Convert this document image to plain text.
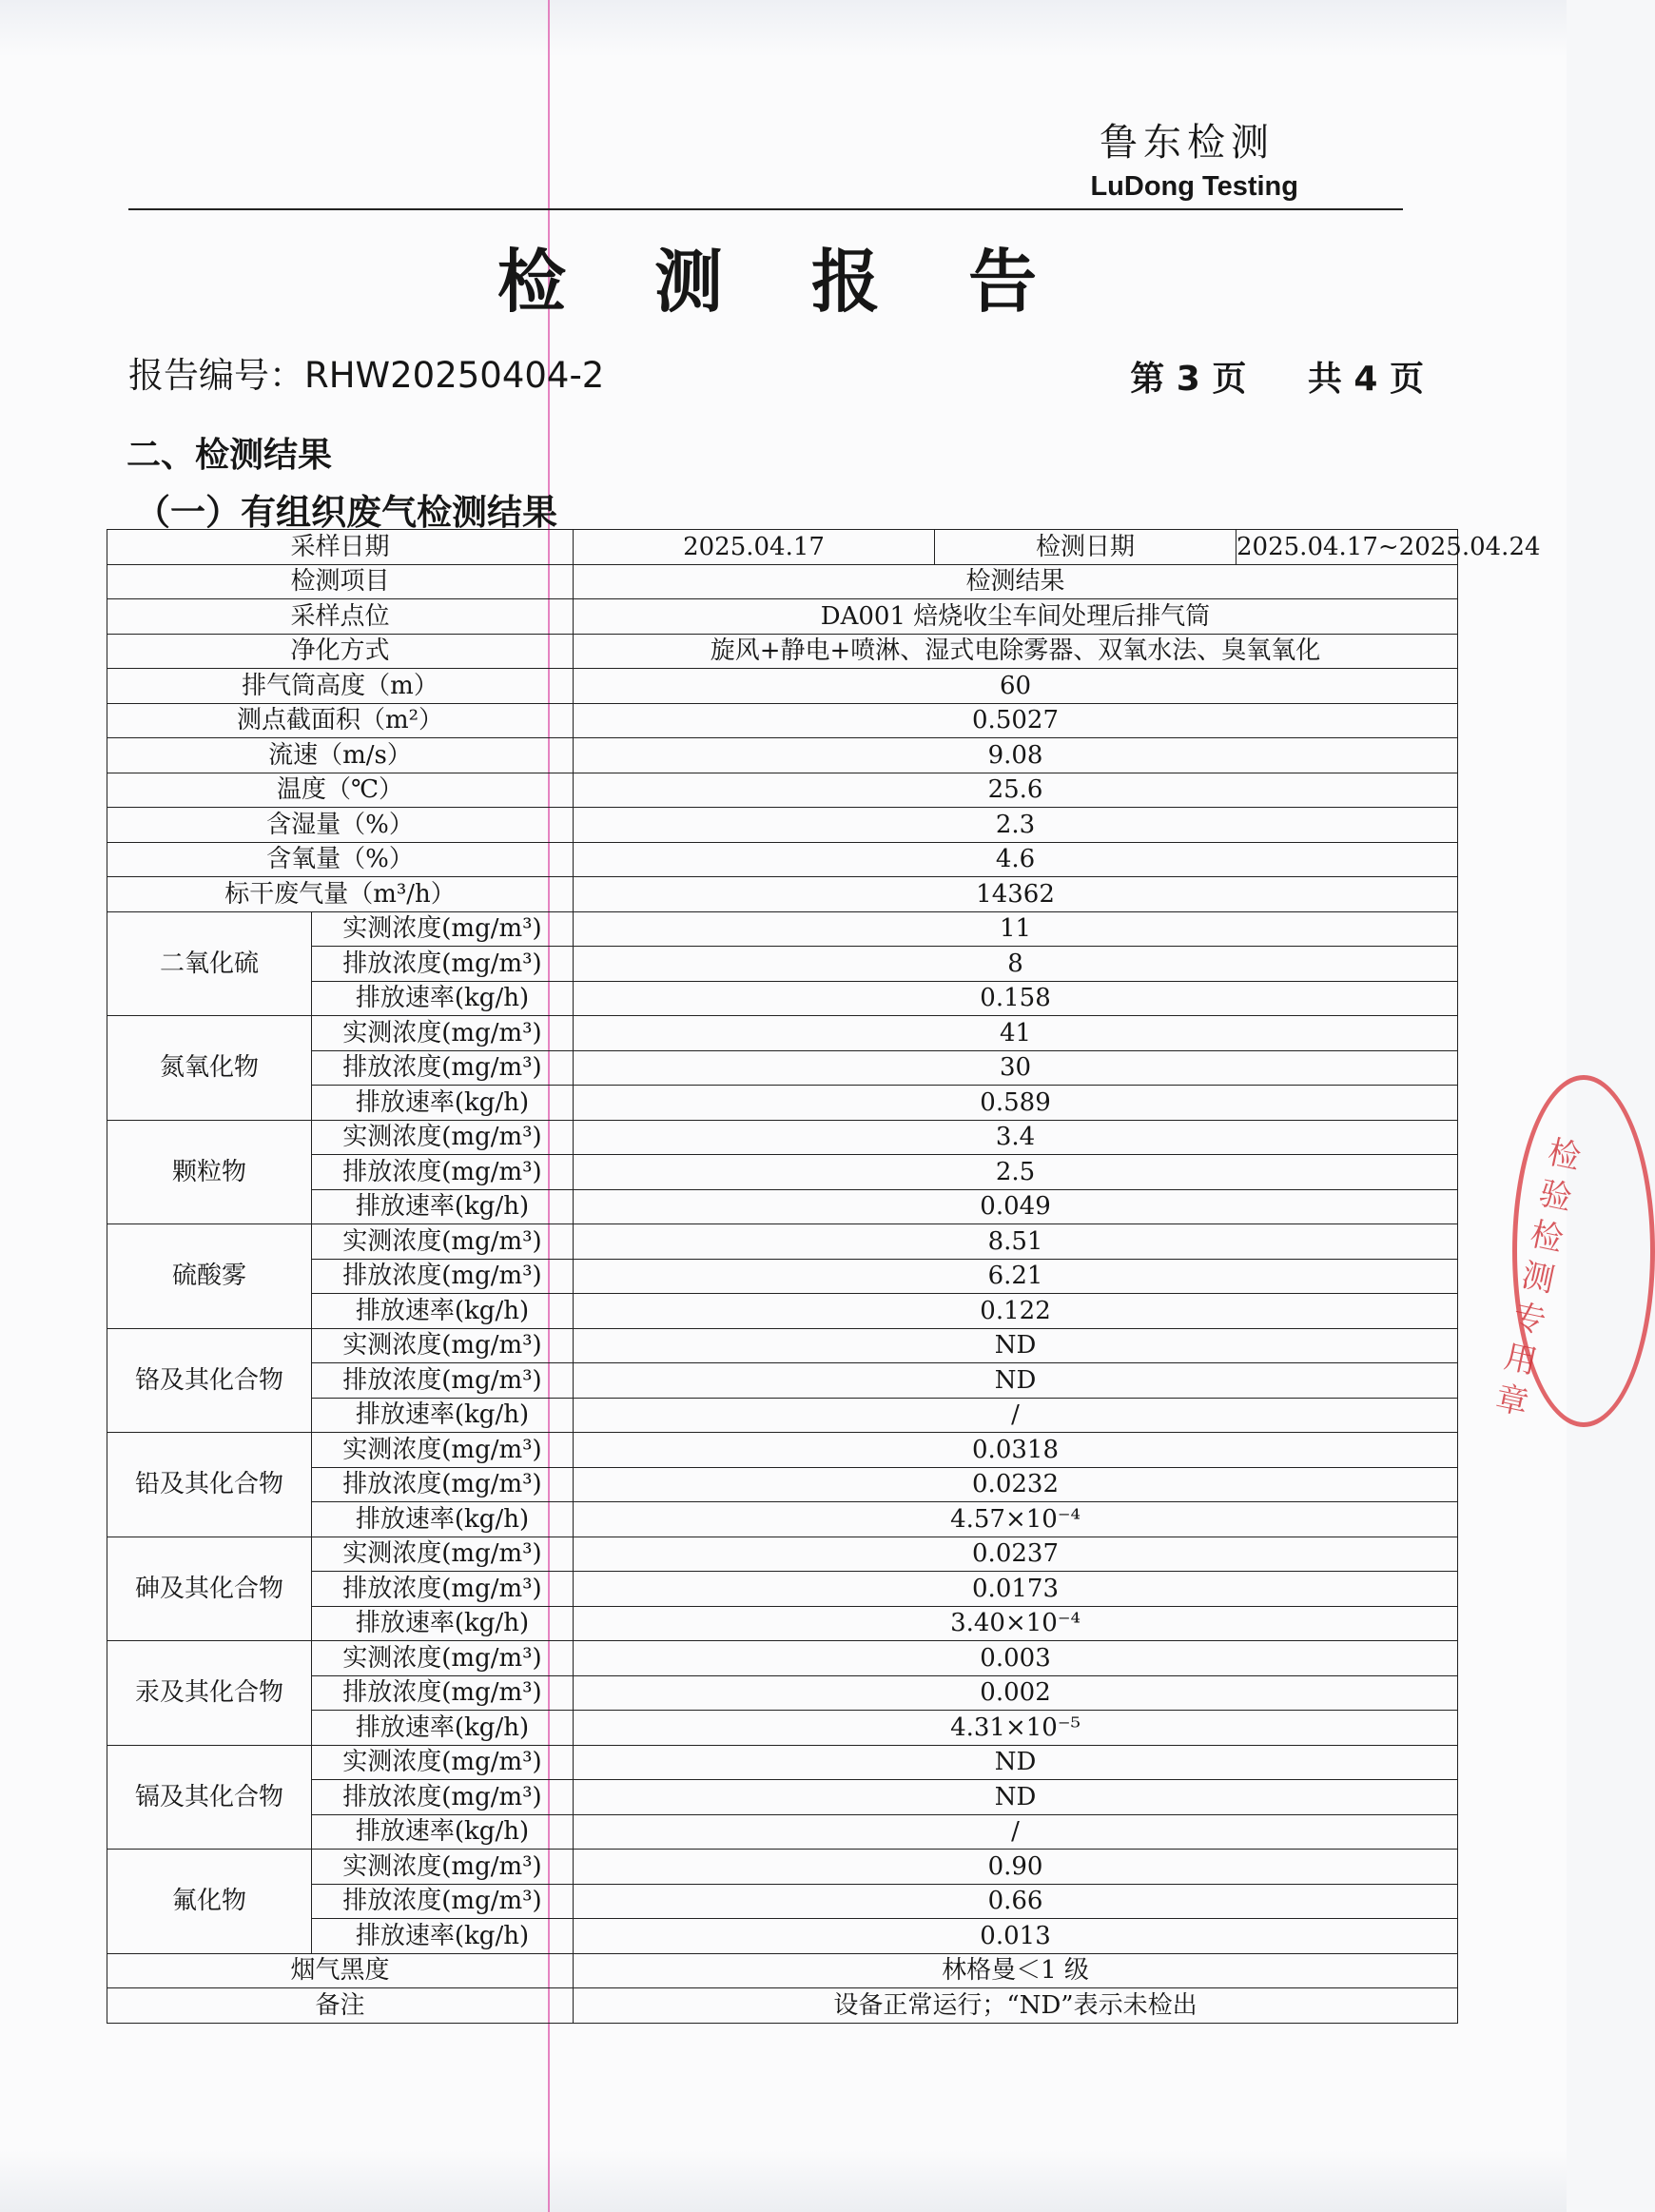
鲁东检测
LuDong Testing
检 测 报 告
报告编号：RHW20250404-2	第 3 页 共 4 页
二、检测结果
（一）有组织废气检测结果
采样日期		2025.04.17	检测日期	2025.04.17~2025.04.24
检测项目		检测结果		
采样点位		DA001 焙烧收尘车间处理后排气筒		
净化方式		旋风+静电+喷淋、湿式电除雾器、双氧水法、臭氧氧化		
排气筒高度（m）		60		
测点截面积（m²）		0.5027		
流速（m/s）		9.08		
温度（℃）		25.6		
含湿量（%）		2.3		
含氧量（%）		4.6		
标干废气量（m³/h）		14362		
二氧化硫	实测浓度(mg/m³)	11		
	排放浓度(mg/m³)	8		
	排放速率(kg/h)	0.158		
氮氧化物	实测浓度(mg/m³)	41		
	排放浓度(mg/m³)	30		
	排放速率(kg/h)	0.589		
颗粒物	实测浓度(mg/m³)	3.4		
	排放浓度(mg/m³)	2.5		
	排放速率(kg/h)	0.049		
硫酸雾	实测浓度(mg/m³)	8.51		
	排放浓度(mg/m³)	6.21		
	排放速率(kg/h)	0.122		
铬及其化合物	实测浓度(mg/m³)	ND		
	排放浓度(mg/m³)	ND		
	排放速率(kg/h)	/		
铅及其化合物	实测浓度(mg/m³)	0.0318		
	排放浓度(mg/m³)	0.0232		
	排放速率(kg/h)	4.57×10⁻⁴		
砷及其化合物	实测浓度(mg/m³)	0.0237		
	排放浓度(mg/m³)	0.0173		
	排放速率(kg/h)	3.40×10⁻⁴		
汞及其化合物	实测浓度(mg/m³)	0.003		
	排放浓度(mg/m³)	0.002		
	排放速率(kg/h)	4.31×10⁻⁵		
镉及其化合物	实测浓度(mg/m³)	ND		
	排放浓度(mg/m³)	ND		
	排放速率(kg/h)	/		
氟化物	实测浓度(mg/m³)	0.90		
	排放浓度(mg/m³)	0.66		
	排放速率(kg/h)	0.013		
烟气黑度		林格曼＜1 级		
备注		设备正常运行；“ND”表示未检出		
检验检测专用章
